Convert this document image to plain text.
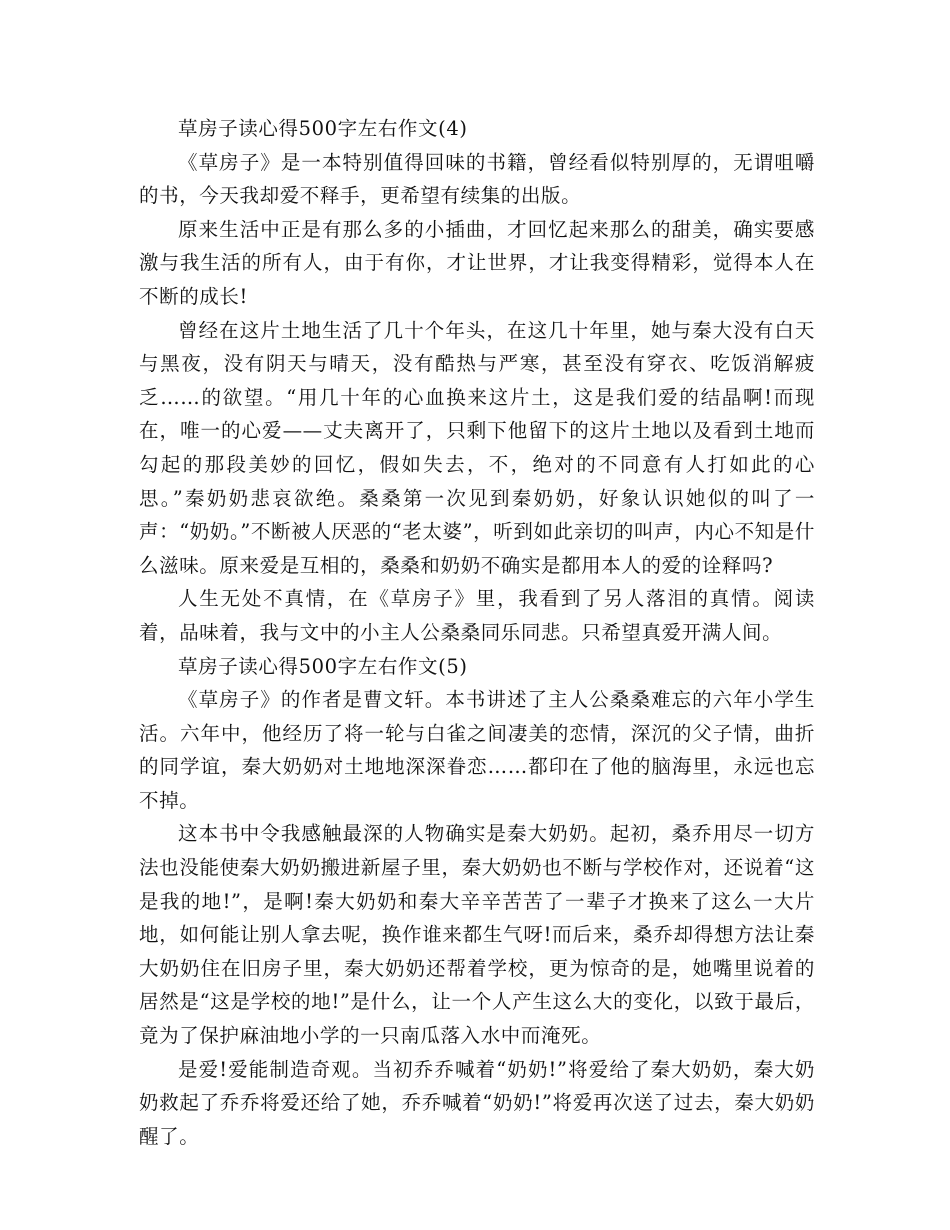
草房子读心得500字左右作文(4)

《草房子》是一本特别值得回味的书籍，曾经看似特别厚的，无谓咀嚼的书，今天我却爱不释手，更希望有续集的出版。

原来生活中正是有那么多的小插曲，才回忆起来那么的甜美，确实要感激与我生活的所有人，由于有你，才让世界，才让我变得精彩，觉得本人在不断的成长!

曾经在这片土地生活了几十个年头，在这几十年里，她与秦大没有白天与黑夜，没有阴天与晴天，没有酷热与严寒，甚至没有穿衣、吃饭消解疲乏……的欲望。“用几十年的心血换来这片土，这是我们爱的结晶啊!而现在，唯一的心爱——丈夫离开了，只剩下他留下的这片土地以及看到土地而勾起的那段美妙的回忆，假如失去，不，绝对的不同意有人打如此的心思。”秦奶奶悲哀欲绝。桑桑第一次见到秦奶奶，好象认识她似的叫了一声：“奶奶。”不断被人厌恶的“老太婆”，听到如此亲切的叫声，内心不知是什么滋味。原来爱是互相的，桑桑和奶奶不确实是都用本人的爱的诠释吗?

人生无处不真情，在《草房子》里，我看到了另人落泪的真情。阅读着，品味着，我与文中的小主人公桑桑同乐同悲。只希望真爱开满人间。

草房子读心得500字左右作文(5)

《草房子》的作者是曹文轩。本书讲述了主人公桑桑难忘的六年小学生活。六年中，他经历了将一轮与白雀之间凄美的恋情，深沉的父子情，曲折的同学谊，秦大奶奶对土地地深深眷恋……都印在了他的脑海里，永远也忘不掉。

这本书中令我感触最深的人物确实是秦大奶奶。起初，桑乔用尽一切方法也没能使秦大奶奶搬进新屋子里，秦大奶奶也不断与学校作对，还说着“这是我的地!”，是啊!秦大奶奶和秦大辛辛苦苦了一辈子才换来了这么一大片地，如何能让别人拿去呢，换作谁来都生气呀!而后来，桑乔却得想方法让秦大奶奶住在旧房子里，秦大奶奶还帮着学校，更为惊奇的是，她嘴里说着的居然是“这是学校的地!”是什么，让一个人产生这么大的变化，以致于最后，竟为了保护麻油地小学的一只南瓜落入水中而淹死。

是爱!爱能制造奇观。当初乔乔喊着“奶奶!”将爱给了秦大奶奶，秦大奶奶救起了乔乔将爱还给了她，乔乔喊着“奶奶!”将爱再次送了过去，秦大奶奶醒了。
